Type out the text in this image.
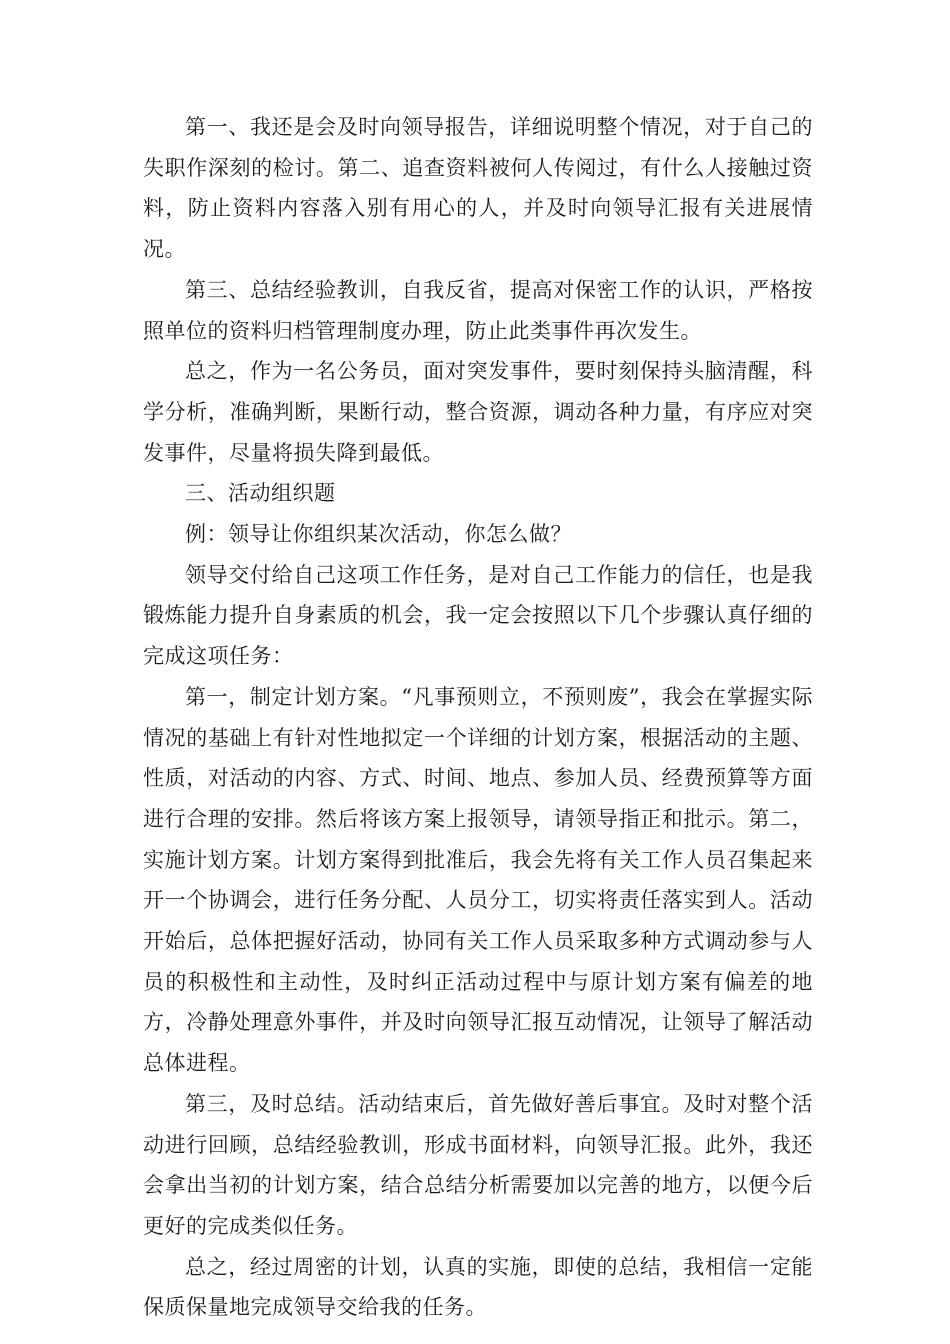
第一、我还是会及时向领导报告，详细说明整个情况，对于自己的失职作深刻的检讨。第二、追查资料被何人传阅过，有什么人接触过资料，防止资料内容落入别有用心的人，并及时向领导汇报有关进展情况。

第三、总结经验教训，自我反省，提高对保密工作的认识，严格按照单位的资料归档管理制度办理，防止此类事件再次发生。

总之，作为一名公务员，面对突发事件，要时刻保持头脑清醒，科学分析，准确判断，果断行动，整合资源，调动各种力量，有序应对突发事件，尽量将损失降到最低。

三、活动组织题

例：领导让你组织某次活动，你怎么做？

领导交付给自己这项工作任务，是对自己工作能力的信任，也是我锻炼能力提升自身素质的机会，我一定会按照以下几个步骤认真仔细的完成这项任务：

第一，制定计划方案。“凡事预则立，不预则废”，我会在掌握实际情况的基础上有针对性地拟定一个详细的计划方案，根据活动的主题、性质，对活动的内容、方式、时间、地点、参加人员、经费预算等方面进行合理的安排。然后将该方案上报领导，请领导指正和批示。第二，实施计划方案。计划方案得到批准后，我会先将有关工作人员召集起来开一个协调会，进行任务分配、人员分工，切实将责任落实到人。活动开始后，总体把握好活动，协同有关工作人员采取多种方式调动参与人员的积极性和主动性，及时纠正活动过程中与原计划方案有偏差的地方，冷静处理意外事件，并及时向领导汇报互动情况，让领导了解活动总体进程。

第三，及时总结。活动结束后，首先做好善后事宜。及时对整个活动进行回顾，总结经验教训，形成书面材料，向领导汇报。此外，我还会拿出当初的计划方案，结合总结分析需要加以完善的地方，以便今后更好的完成类似任务。

总之，经过周密的计划，认真的实施，即使的总结，我相信一定能保质保量地完成领导交给我的任务。
